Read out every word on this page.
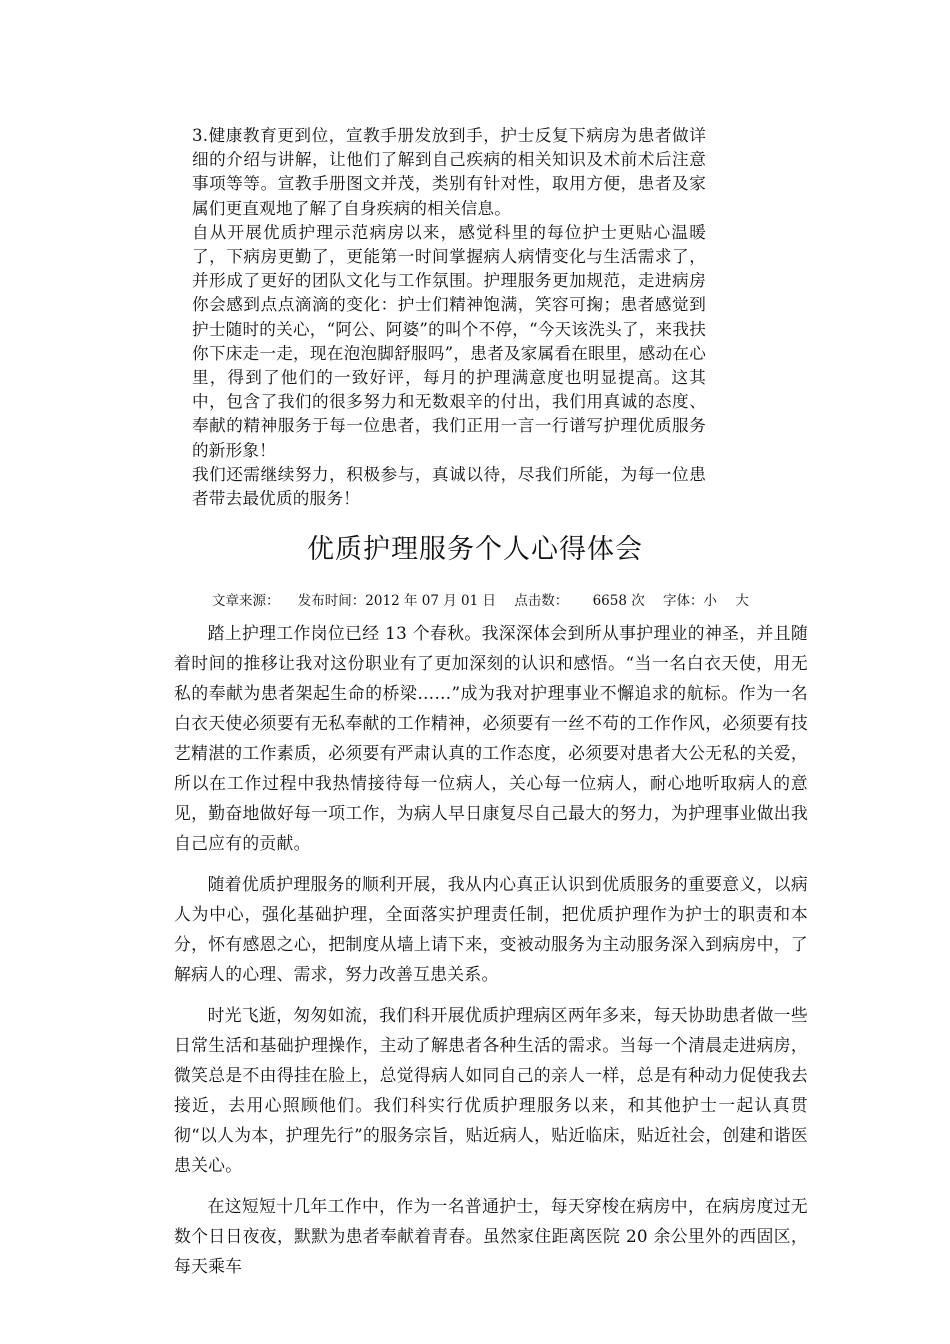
3.健康教育更到位，宣教手册发放到手，护士反复下病房为患者做详细的介绍与讲解，让他们了解到自己疾病的相关知识及术前术后注意事项等等。宣教手册图文并茂，类别有针对性，取用方便，患者及家属们更直观地了解了自身疾病的相关信息。

自从开展优质护理示范病房以来，感觉科里的每位护士更贴心温暖了，下病房更勤了，更能第一时间掌握病人病情变化与生活需求了，并形成了更好的团队文化与工作氛围。护理服务更加规范，走进病房你会感到点点滴滴的变化：护士们精神饱满，笑容可掬；患者感觉到护士随时的关心，“阿公、阿婆”的叫个不停，“今天该洗头了，来我扶你下床走一走，现在泡泡脚舒服吗”，患者及家属看在眼里，感动在心里，得到了他们的一致好评，每月的护理满意度也明显提高。这其中，包含了我们的很多努力和无数艰辛的付出，我们用真诚的态度、奉献的精神服务于每一位患者，我们正用一言一行谱写护理优质服务的新形象！

我们还需继续努力，积极参与，真诚以待，尽我们所能，为每一位患者带去最优质的服务！

优质护理服务个人心得体会
文章来源： 发布时间：2012 年 07 月 01 日 点击数： 6658 次 字体：小 大

踏上护理工作岗位已经 13 个春秋。我深深体会到所从事护理业的神圣，并且随着时间的推移让我对这份职业有了更加深刻的认识和感悟。“当一名白衣天使，用无私的奉献为患者架起生命的桥梁……”成为我对护理事业不懈追求的航标。作为一名白衣天使必须要有无私奉献的工作精神，必须要有一丝不苟的工作作风，必须要有技艺精湛的工作素质，必须要有严肃认真的工作态度，必须要对患者大公无私的关爱，所以在工作过程中我热情接待每一位病人，关心每一位病人，耐心地听取病人的意见，勤奋地做好每一项工作，为病人早日康复尽自己最大的努力，为护理事业做出我自己应有的贡献。

随着优质护理服务的顺利开展，我从内心真正认识到优质服务的重要意义，以病人为中心，强化基础护理，全面落实护理责任制，把优质护理作为护士的职责和本分，怀有感恩之心，把制度从墙上请下来，变被动服务为主动服务深入到病房中，了解病人的心理、需求，努力改善互患关系。

时光飞逝，匆匆如流，我们科开展优质护理病区两年多来，每天协助患者做一些日常生活和基础护理操作，主动了解患者各种生活的需求。当每一个清晨走进病房，微笑总是不由得挂在脸上，总觉得病人如同自己的亲人一样，总是有种动力促使我去接近，去用心照顾他们。我们科实行优质护理服务以来，和其他护士一起认真贯彻“以人为本，护理先行”的服务宗旨，贴近病人，贴近临床，贴近社会，创建和谐医患关心。

在这短短十几年工作中，作为一名普通护士，每天穿梭在病房中，在病房度过无数个日日夜夜，默默为患者奉献着青春。虽然家住距离医院 20 余公里外的西固区，每天乘车
